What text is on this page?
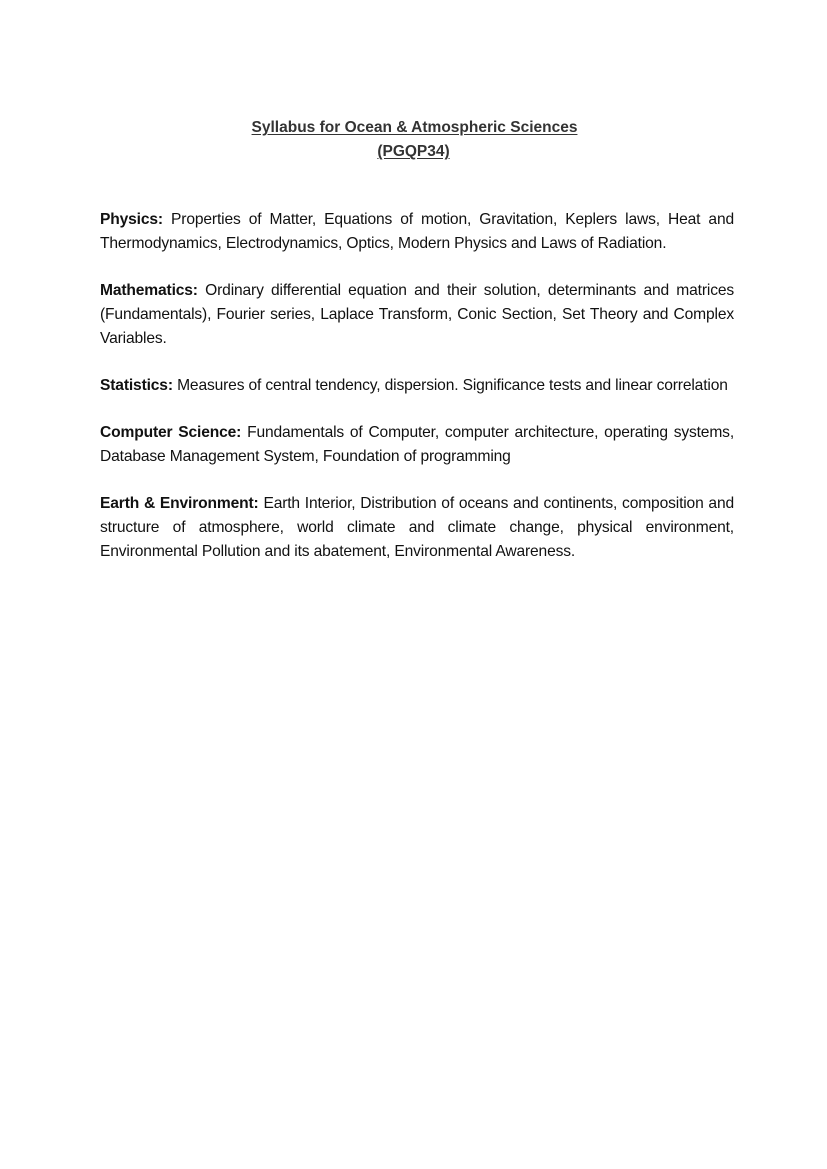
Syllabus for Ocean & Atmospheric Sciences
(PGQP34)

Physics: Properties of Matter, Equations of motion, Gravitation, Keplers laws, Heat and Thermodynamics, Electrodynamics, Optics, Modern Physics and Laws of Radiation.

Mathematics: Ordinary differential equation and their solution, determinants and matrices (Fundamentals), Fourier series, Laplace Transform, Conic Section, Set Theory and Complex Variables.

Statistics: Measures of central tendency, dispersion. Significance tests and linear correlation

Computer Science: Fundamentals of Computer, computer architecture, operating systems, Database Management System, Foundation of programming

Earth & Environment: Earth Interior, Distribution of oceans and continents, composition and structure of atmosphere, world climate and climate change, physical environment, Environmental Pollution and its abatement, Environmental Awareness.
